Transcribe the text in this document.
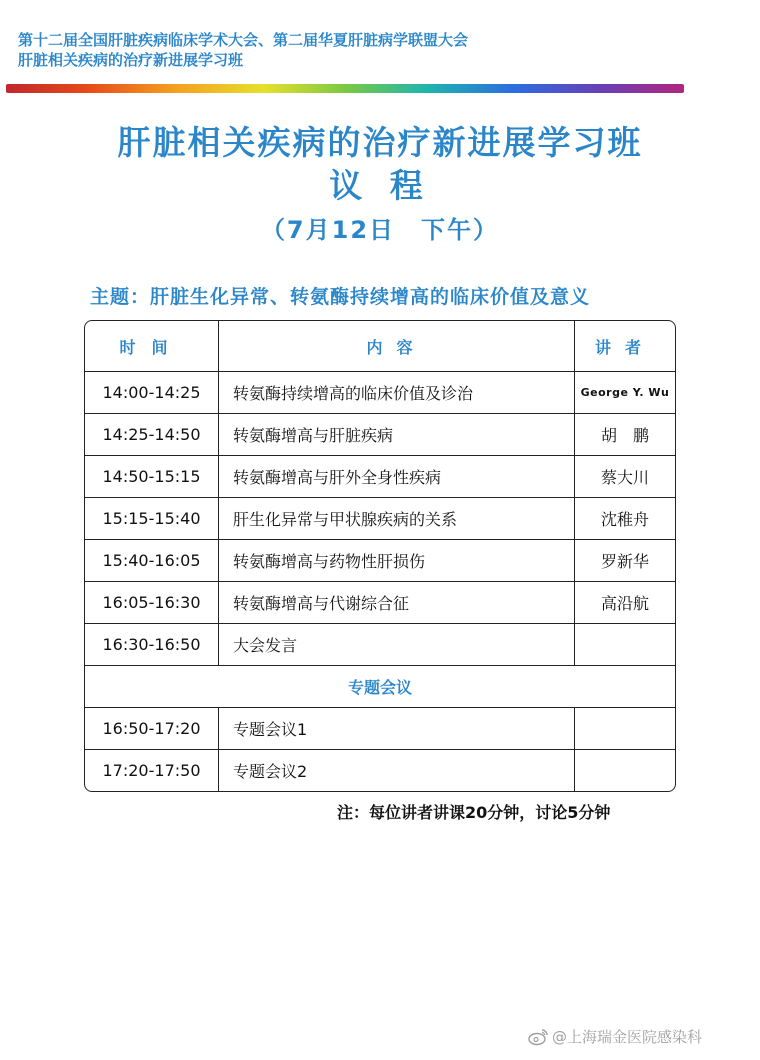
第十二届全国肝脏疾病临床学术大会、第二届华夏肝脏病学联盟大会
肝脏相关疾病的治疗新进展学习班
肝脏相关疾病的治疗新进展学习班
议 程
（7月12日　下午）
主题：肝脏生化异常、转氨酶持续增高的临床价值及意义
时间	内容	讲者
14:00-14:25	转氨酶持续增高的临床价值及诊治	George Y. Wu
14:25-14:50	转氨酶增高与肝脏疾病	胡　鹏
14:50-15:15	转氨酶增高与肝外全身性疾病	蔡大川
15:15-15:40	肝生化异常与甲状腺疾病的关系	沈稚舟
15:40-16:05	转氨酶增高与药物性肝损伤	罗新华
16:05-16:30	转氨酶增高与代谢综合征	高沿航
16:30-16:50	大会发言
专题会议
16:50-17:20	专题会议1
17:20-17:50	专题会议2
注：每位讲者讲课20分钟，讨论5分钟
@上海瑞金医院感染科
